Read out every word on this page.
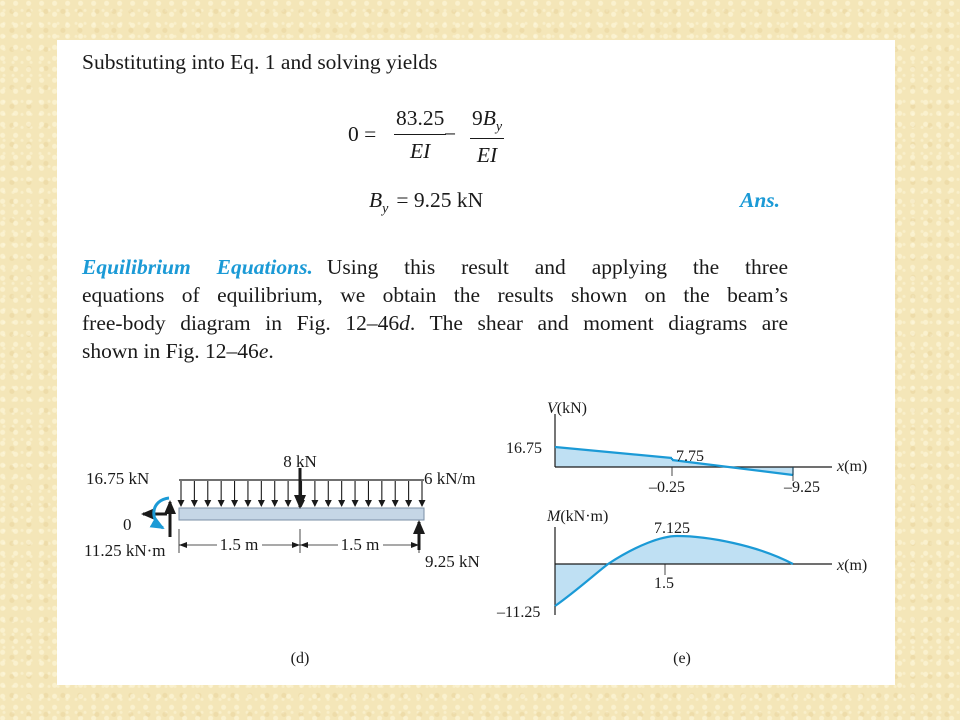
Substituting into Eq. 1 and solving yields
0 =
83.25
EI
−
$9B_y$
EI
$B_y = 9.25$ kN	Ans.
Equilibrium Equations. Using this result and applying the three
equations of equilibrium, we obtain the results shown on the beam’s
free-body diagram in Fig. 12–46d. The shear and moment diagrams are
shown in Fig. 12–46e.
8 kN
6 kN/m
16.75 kN
0
11.25 kN·m	1.5 m	1.5 m
9.25 kN
(d)
V(kN)
16.75	7.75
–0.25	–9.25
x(m)
M(kN·m)
7.125
1.5
–11.25
x(m)
(e)
